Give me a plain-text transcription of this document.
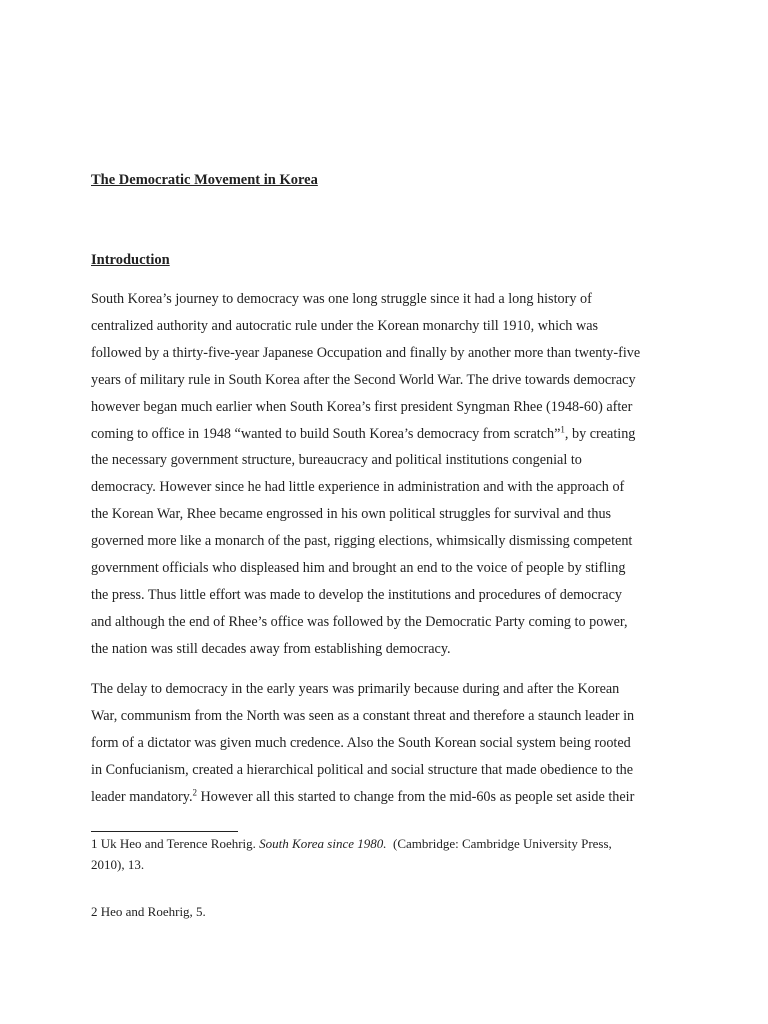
The Democratic Movement in Korea
Introduction
South Korea’s journey to democracy was one long struggle since it had a long history of
centralized authority and autocratic rule under the Korean monarchy till 1910, which was
followed by a thirty-five-year Japanese Occupation and finally by another more than twenty-five
years of military rule in South Korea after the Second World War. The drive towards democracy
however began much earlier when South Korea’s first president Syngman Rhee (1948-60) after
coming to office in 1948 “wanted to build South Korea’s democracy from scratch”$^1$, by creating
the necessary government structure, bureaucracy and political institutions congenial to
democracy. However since he had little experience in administration and with the approach of
the Korean War, Rhee became engrossed in his own political struggles for survival and thus
governed more like a monarch of the past, rigging elections, whimsically dismissing competent
government officials who displeased him and brought an end to the voice of people by stifling
the press. Thus little effort was made to develop the institutions and procedures of democracy
and although the end of Rhee’s office was followed by the Democratic Party coming to power,
the nation was still decades away from establishing democracy.
The delay to democracy in the early years was primarily because during and after the Korean
War, communism from the North was seen as a constant threat and therefore a staunch leader in
form of a dictator was given much credence. Also the South Korean social system being rooted
in Confucianism, created a hierarchical political and social structure that made obedience to the
leader mandatory.$^2$ However all this started to change from the mid-60s as people set aside their
1 Uk Heo and Terence Roehrig. South Korea since 1980.  (Cambridge: Cambridge University Press,
2010), 13.
2 Heo and Roehrig, 5.
